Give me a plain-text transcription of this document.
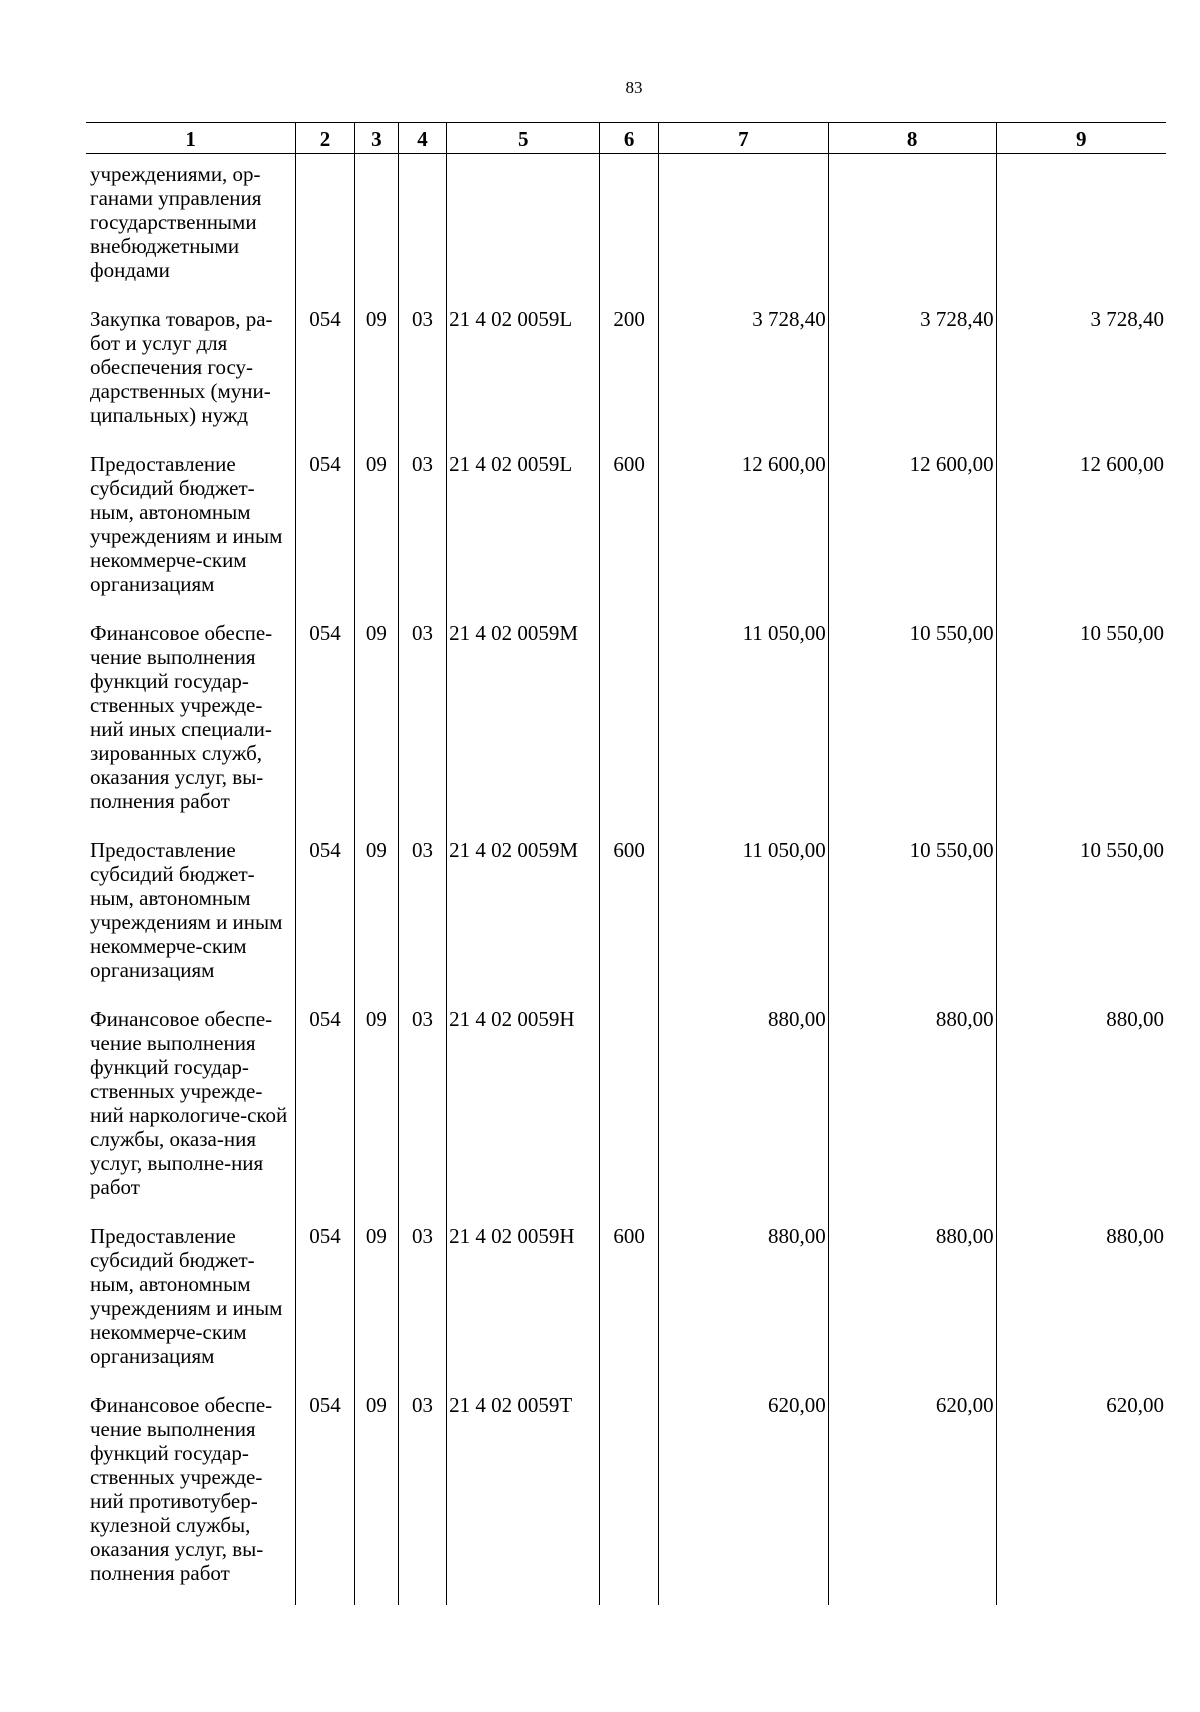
83
1	2	3	4	5	6	7	8	9
учреждениями, ор-ганами управления государственными внебюджетными фондами								
Закупка товаров, ра-бот и услуг для обеспечения госу-дарственных (муни-ципальных) нужд	054	09	03	21 4 02 0059L	200	3 728,40	3 728,40	3 728,40
Предоставление субсидий бюджет-ным, автономным учреждениям и иным некоммерче-ским организациям	054	09	03	21 4 02 0059L	600	12 600,00	12 600,00	12 600,00
Финансовое обеспе-чение выполнения функций государ-ственных учрежде-ний иных специали-зированных служб, оказания услуг, вы-полнения работ	054	09	03	21 4 02 0059M		11 050,00	10 550,00	10 550,00
Предоставление субсидий бюджет-ным, автономным учреждениям и иным некоммерче-ским организациям	054	09	03	21 4 02 0059M	600	11 050,00	10 550,00	10 550,00
Финансовое обеспе-чение выполнения функций государ-ственных учрежде-ний наркологиче-ской службы, оказа-ния услуг, выполне-ния работ	054	09	03	21 4 02 0059H		880,00	880,00	880,00
Предоставление субсидий бюджет-ным, автономным учреждениям и иным некоммерче-ским организациям	054	09	03	21 4 02 0059H	600	880,00	880,00	880,00
Финансовое обеспе-чение выполнения функций государ-ственных учрежде-ний противотубер-кулезной службы, оказания услуг, вы-полнения работ	054	09	03	21 4 02 0059T		620,00	620,00	620,00
